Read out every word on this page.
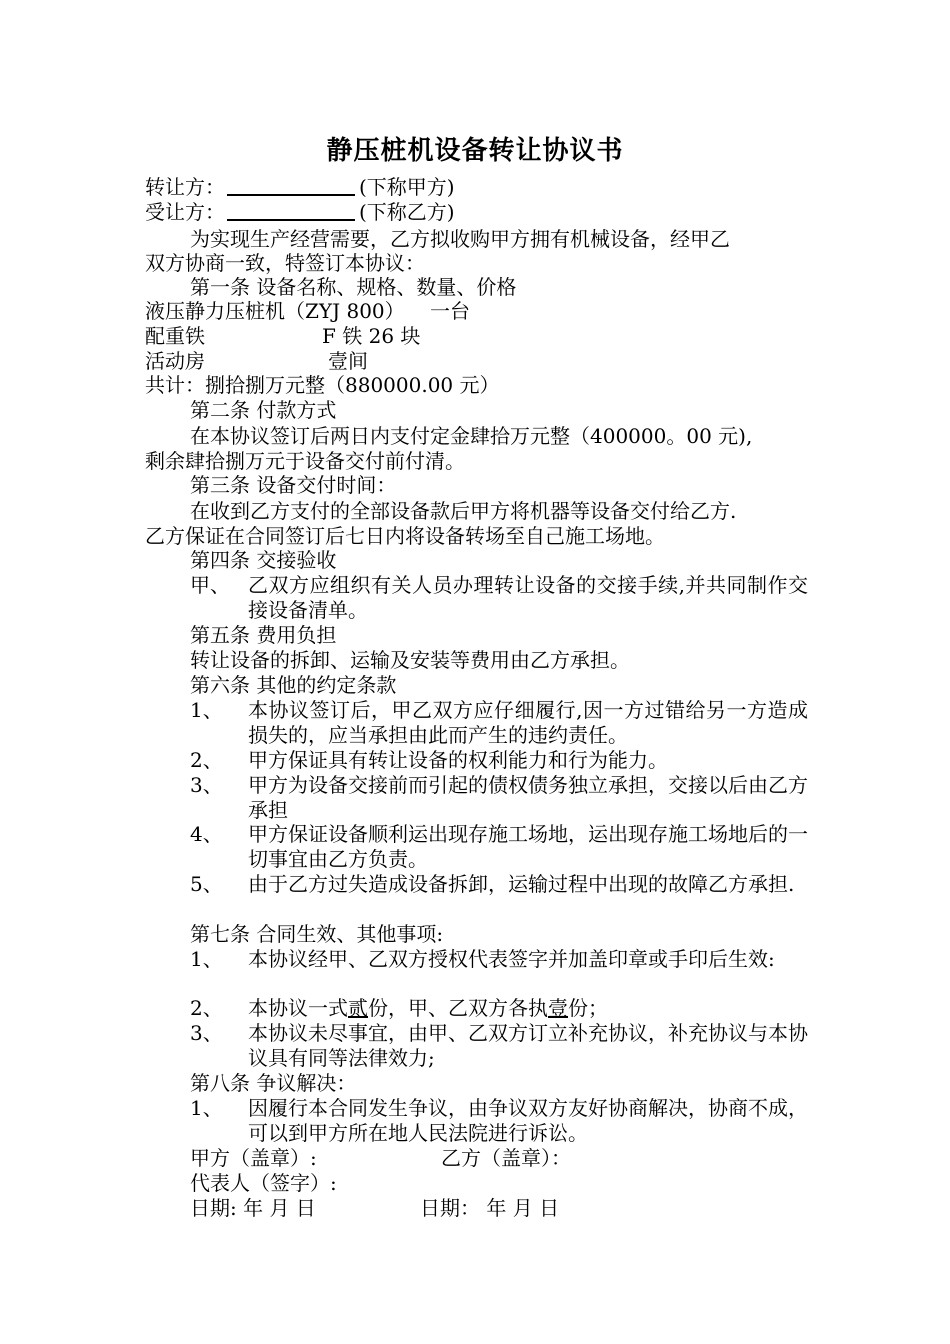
静压桩机设备转让协议书
转让方：	(下称甲方)
受让方：	(下称乙方)
为实现生产经营需要，乙方拟收购甲方拥有机械设备，经甲乙
双方协商一致，特签订本协议：
第一条 设备名称、规格、数量、价格
液压静力压桩机（ZYJ 800） 一台
配重铁	F 铁 26 块
活动房	壹间
共计：捌拾捌万元整（880000.00 元）
第二条 付款方式
在本协议签订后两日内支付定金肆拾万元整（400000。00 元),
剩余肆拾捌万元于设备交付前付清。
第三条 设备交付时间：
在收到乙方支付的全部设备款后甲方将机器等设备交付给乙方.
乙方保证在合同签订后七日内将设备转场至自己施工场地。
第四条 交接验收
甲、 乙双方应组织有关人员办理转让设备的交接手续,并共同制作交接设备清单。
第五条 费用负担
转让设备的拆卸、运输及安装等费用由乙方承担。
第六条 其他的约定条款
1、 本协议签订后，甲乙双方应仔细履行,因一方过错给另一方造成损失的，应当承担由此而产生的违约责任。
2、 甲方保证具有转让设备的权利能力和行为能力。
3、 甲方为设备交接前而引起的债权债务独立承担，交接以后由乙方承担
4、 甲方保证设备顺利运出现存施工场地，运出现存施工场地后的一切事宜由乙方负责。
5、 由于乙方过失造成设备拆卸，运输过程中出现的故障乙方承担.
第七条 合同生效、其他事项:
1、 本协议经甲、乙双方授权代表签字并加盖印章或手印后生效:
2、 本协议一式贰份，甲、乙双方各执壹份；
3、 本协议未尽事宜，由甲、乙双方订立补充协议，补充协议与本协议具有同等法律效力;
第八条 争议解决：
1、 因履行本合同发生争议，由争议双方友好协商解决，协商不成，可以到甲方所在地人民法院进行诉讼。
甲方（盖章）:	乙方（盖章）：
代表人（签字）:
日期: 年 月 日	日期： 年 月 日
